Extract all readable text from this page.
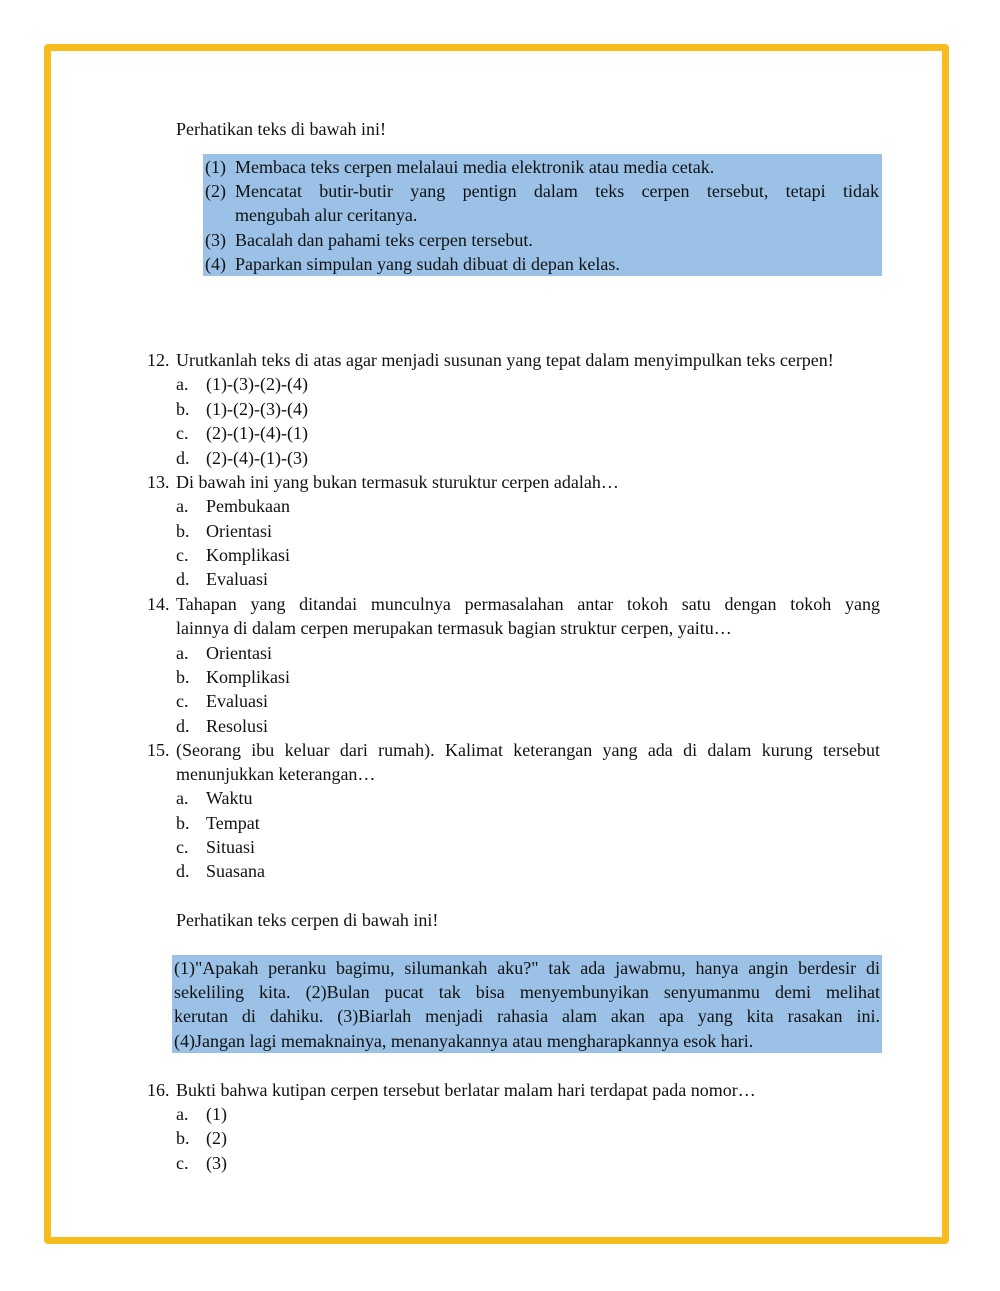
Perhatikan teks di bawah ini!
(1) Membaca teks cerpen melalaui media elektronik atau media cetak.
(2) Mencatat butir-butir yang pentign dalam teks cerpen tersebut, tetapi tidak
mengubah alur ceritanya.
(3) Bacalah dan pahami teks cerpen tersebut.
(4) Paparkan simpulan yang sudah dibuat di depan kelas.
12. Urutkanlah teks di atas agar menjadi susunan yang tepat dalam menyimpulkan teks cerpen!
a. (1)-(3)-(2)-(4)
b. (1)-(2)-(3)-(4)
c. (2)-(1)-(4)-(1)
d. (2)-(4)-(1)-(3)
13. Di bawah ini yang bukan termasuk sturuktur cerpen adalah…
a. Pembukaan
b. Orientasi
c. Komplikasi
d. Evaluasi
14. Tahapan yang ditandai munculnya permasalahan antar tokoh satu dengan tokoh yang
lainnya di dalam cerpen merupakan termasuk bagian struktur cerpen, yaitu…
a. Orientasi
b. Komplikasi
c. Evaluasi
d. Resolusi
15. (Seorang ibu keluar dari rumah). Kalimat keterangan yang ada di dalam kurung tersebut
menunjukkan keterangan…
a. Waktu
b. Tempat
c. Situasi
d. Suasana
Perhatikan teks cerpen di bawah ini!
(1)"Apakah peranku bagimu, silumankah aku?" tak ada jawabmu, hanya angin berdesir di
sekeliling kita. (2)Bulan pucat tak bisa menyembunyikan senyumanmu demi melihat
kerutan di dahiku. (3)Biarlah menjadi rahasia alam akan apa yang kita rasakan ini.
(4)Jangan lagi memaknainya, menanyakannya atau mengharapkannya esok hari.
16. Bukti bahwa kutipan cerpen tersebut berlatar malam hari terdapat pada nomor…
a. (1)
b. (2)
c. (3)
